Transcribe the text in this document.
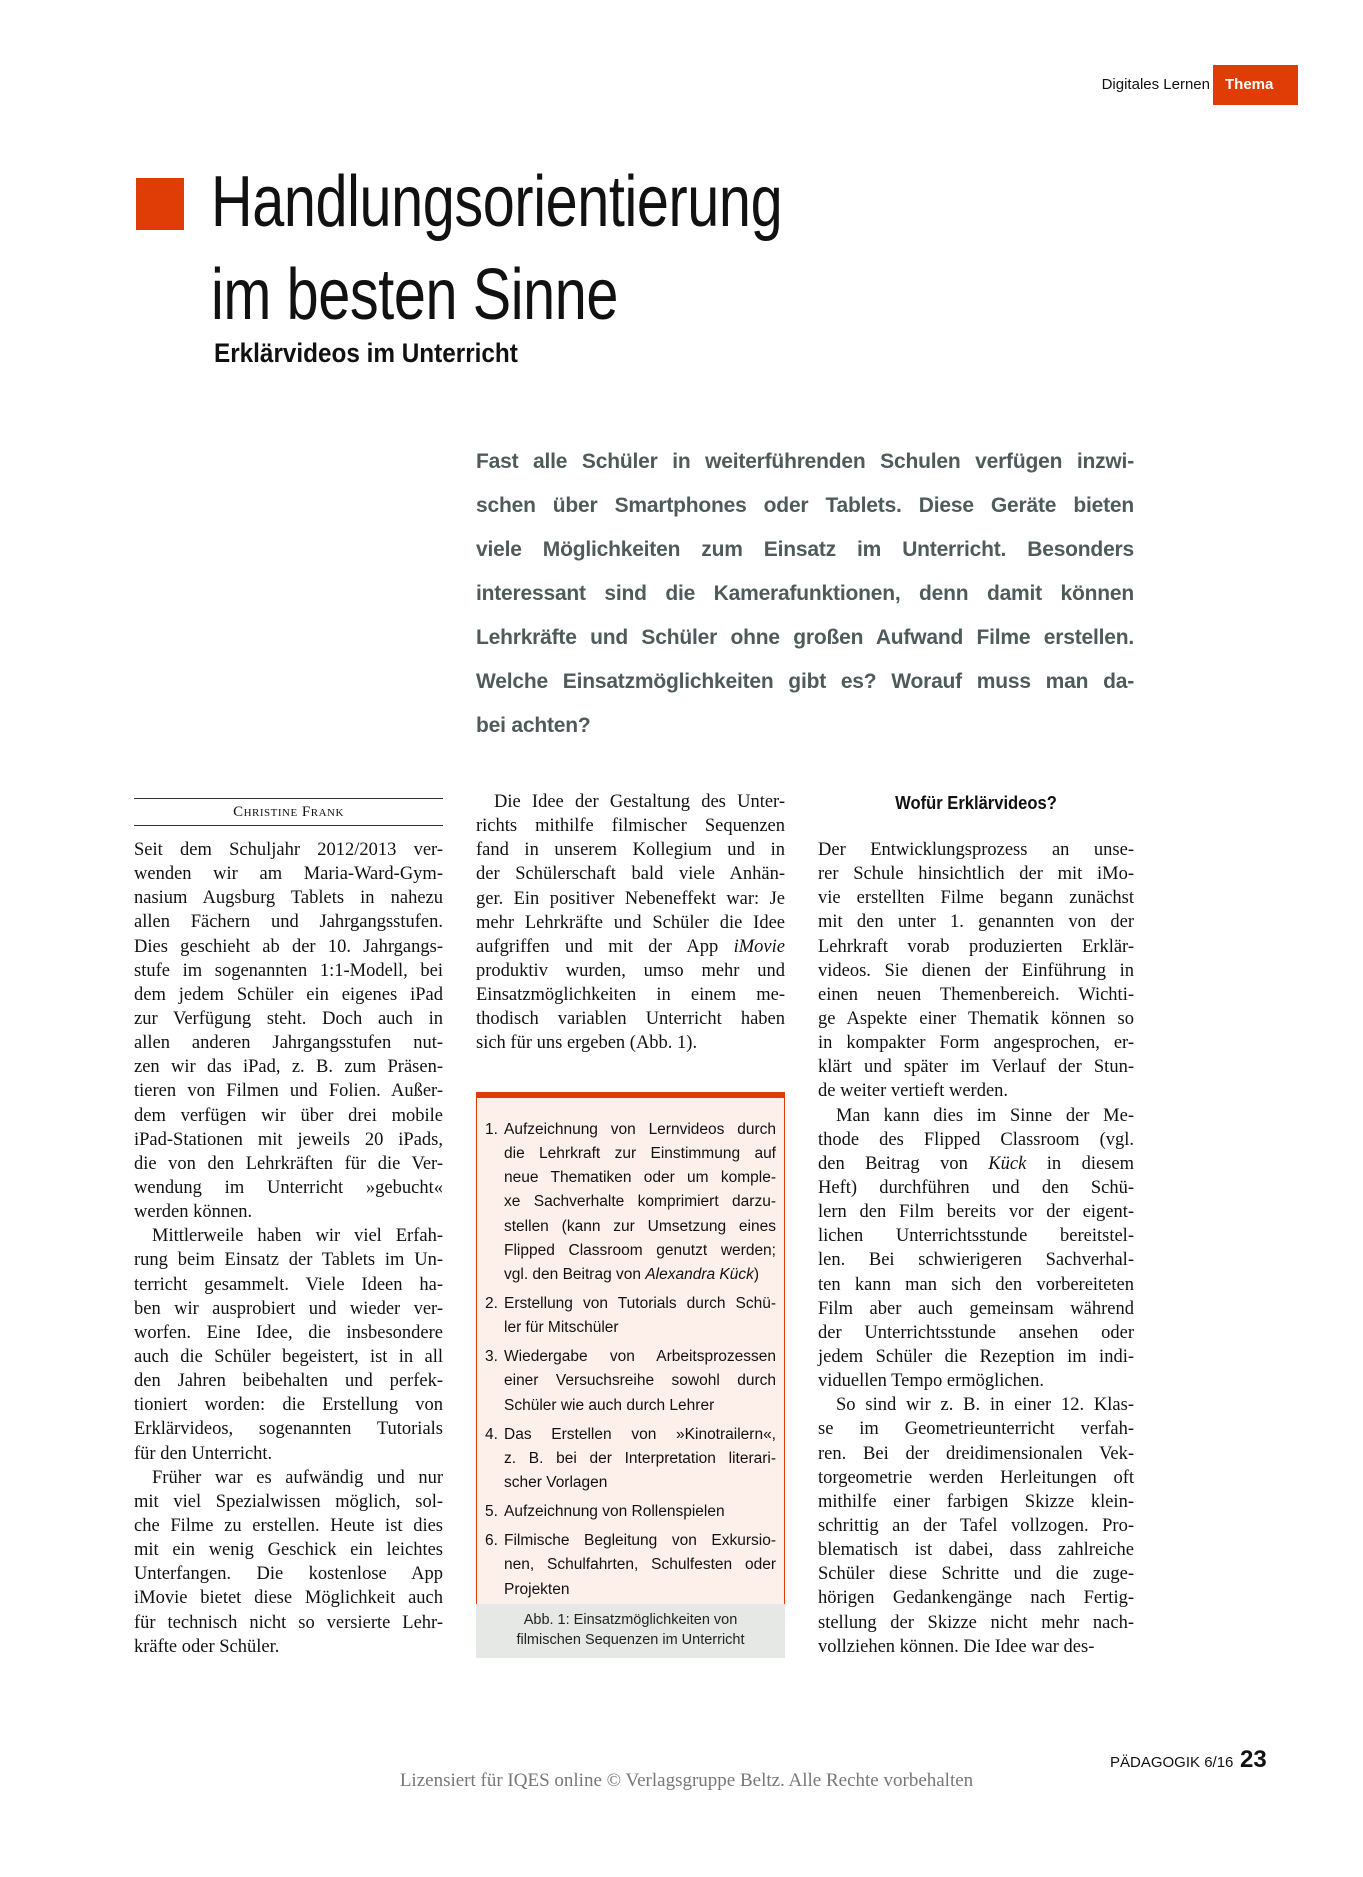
Digitales Lernen	Thema
Handlungsorientierung
im besten Sinne
Erklärvideos im Unterricht
Fast alle Schüler in weiterführenden Schulen verfügen inzwi-
schen über Smartphones oder Tablets. Diese Geräte bieten
viele Möglichkeiten zum Einsatz im Unterricht. Besonders
interessant sind die Kamerafunktionen, denn damit können
Lehrkräfte und Schüler ohne großen Aufwand Filme erstellen.
Welche Einsatzmöglichkeiten gibt es? Worauf muss man da-
bei achten?
Christine Frank
Seit dem Schuljahr 2012/2013 ver-
wenden wir am Maria-Ward-Gym-
nasium Augsburg Tablets in nahezu
allen Fächern und Jahrgangsstufen.
Dies geschieht ab der 10. Jahrgangs-
stufe im sogenannten 1:1-Modell, bei
dem jedem Schüler ein eigenes iPad
zur Verfügung steht. Doch auch in
allen anderen Jahrgangsstufen nut-
zen wir das iPad, z. B. zum Präsen-
tieren von Filmen und Folien. Außer-
dem verfügen wir über drei mobile
iPad-Stationen mit jeweils 20 iPads,
die von den Lehrkräften für die Ver-
wendung im Unterricht »gebucht«
werden können.
Mittlerweile haben wir viel Erfah-
rung beim Einsatz der Tablets im Un-
terricht gesammelt. Viele Ideen ha-
ben wir ausprobiert und wieder ver-
worfen. Eine Idee, die insbesondere
auch die Schüler begeistert, ist in all
den Jahren beibehalten und perfek-
tioniert worden: die Erstellung von
Erklärvideos, sogenannten Tutorials
für den Unterricht.
Früher war es aufwändig und nur
mit viel Spezialwissen möglich, sol-
che Filme zu erstellen. Heute ist dies
mit ein wenig Geschick ein leichtes
Unterfangen. Die kostenlose App
iMovie bietet diese Möglichkeit auch
für technisch nicht so versierte Lehr-
kräfte oder Schüler.
Die Idee der Gestaltung des Unter-
richts mithilfe filmischer Sequenzen
fand in unserem Kollegium und in
der Schülerschaft bald viele Anhän-
ger. Ein positiver Nebeneffekt war: Je
mehr Lehrkräfte und Schüler die Idee
aufgriffen und mit der App iMovie
produktiv wurden, umso mehr und
Einsatzmöglichkeiten in einem me-
thodisch variablen Unterricht haben
sich für uns ergeben (Abb. 1).
1. Aufzeichnung von Lernvideos durch
die Lehrkraft zur Einstimmung auf
neue Thematiken oder um komple-
xe Sachverhalte komprimiert darzu-
stellen (kann zur Umsetzung eines
Flipped Classroom genutzt werden;
vgl. den Beitrag von Alexandra Kück)
2. Erstellung von Tutorials durch Schü-
ler für Mitschüler
3. Wiedergabe von Arbeitsprozessen
einer Versuchsreihe sowohl durch
Schüler wie auch durch Lehrer
4. Das Erstellen von »Kinotrailern«,
z. B. bei der Interpretation literari-
scher Vorlagen
5. Aufzeichnung von Rollenspielen
6. Filmische Begleitung von Exkursio-
nen, Schulfahrten, Schulfesten oder
Projekten
Abb. 1: Einsatzmöglichkeiten von
filmischen Sequenzen im Unterricht
Wofür Erklärvideos?
Der Entwicklungsprozess an unse-
rer Schule hinsichtlich der mit iMo-
vie erstellten Filme begann zunächst
mit den unter 1. genannten von der
Lehrkraft vorab produzierten Erklär-
videos. Sie dienen der Einführung in
einen neuen Themenbereich. Wichti-
ge Aspekte einer Thematik können so
in kompakter Form angesprochen, er-
klärt und später im Verlauf der Stun-
de weiter vertieft werden.
Man kann dies im Sinne der Me-
thode des Flipped Classroom (vgl.
den Beitrag von Kück in diesem
Heft) durchführen und den Schü-
lern den Film bereits vor der eigent-
lichen Unterrichtsstunde bereitstel-
len. Bei schwierigeren Sachverhal-
ten kann man sich den vorbereiteten
Film aber auch gemeinsam während
der Unterrichtsstunde ansehen oder
jedem Schüler die Rezeption im indi-
viduellen Tempo ermöglichen.
So sind wir z. B. in einer 12. Klas-
se im Geometrieunterricht verfah-
ren. Bei der dreidimensionalen Vek-
torgeometrie werden Herleitungen oft
mithilfe einer farbigen Skizze klein-
schrittig an der Tafel vollzogen. Pro-
blematisch ist dabei, dass zahlreiche
Schüler diese Schritte und die zuge-
hörigen Gedankengänge nach Fertig-
stellung der Skizze nicht mehr nach-
vollziehen können. Die Idee war des-
PÄDAGOGIK 6/16 23
Lizensiert für IQES online © Verlagsgruppe Beltz. Alle Rechte vorbehalten
